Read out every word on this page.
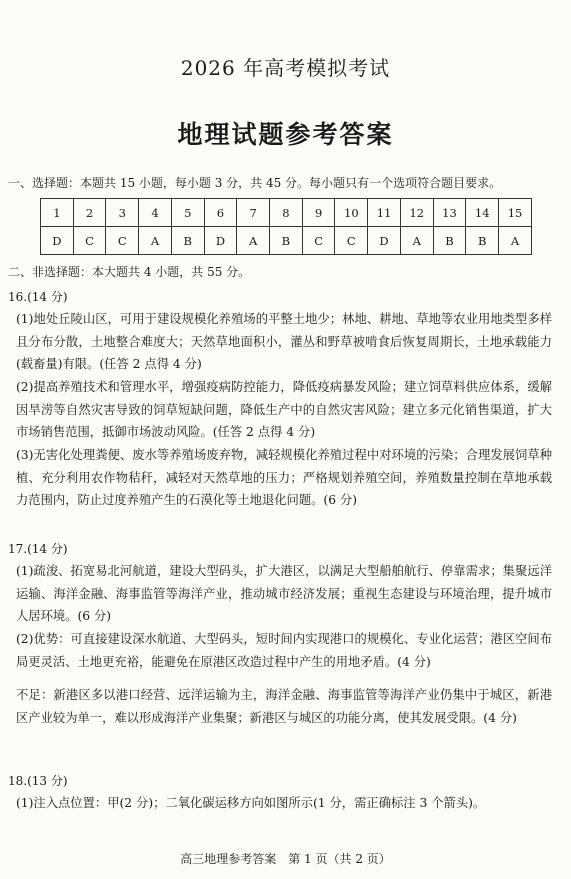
2026 年高考模拟考试
地理试题参考答案
一、选择题：本题共 15 小题，每小题 3 分，共 45 分。每小题只有一个选项符合题目要求。
1	2	3	4	5	6	7	8	9	10	11	12	13	14	15
D	C	C	A	B	D	A	B	C	C	D	A	B	B	A
二、非选择题：本大题共 4 小题，共 55 分。
16.(14 分)
(1)地处丘陵山区，可用于建设规模化养殖场的平整土地少；林地、耕地、草地等农业用地类型多样且分布分散，土地整合难度大；天然草地面积小，灌丛和野草被啃食后恢复周期长，土地承载能力(载畜量)有限。(任答 2 点得 4 分)
(2)提高养殖技术和管理水平，增强疫病防控能力，降低疫病暴发风险；建立饲草料供应体系，缓解因旱涝等自然灾害导致的饲草短缺问题，降低生产中的自然灾害风险；建立多元化销售渠道，扩大市场销售范围，抵御市场波动风险。(任答 2 点得 4 分)
(3)无害化处理粪便、废水等养殖场废弃物，减轻规模化养殖过程中对环境的污染；合理发展饲草种植、充分利用农作物秸秆，减轻对天然草地的压力；严格规划养殖空间，养殖数量控制在草地承载力范围内，防止过度养殖产生的石漠化等土地退化问题。(6 分)
17.(14 分)
(1)疏浚、拓宽易北河航道，建设大型码头，扩大港区，以满足大型船舶航行、停靠需求；集聚远洋运输、海洋金融、海事监管等海洋产业，推动城市经济发展；重视生态建设与环境治理，提升城市人居环境。(6 分)
(2)优势：可直接建设深水航道、大型码头，短时间内实现港口的规模化、专业化运营；港区空间布局更灵活、土地更充裕，能避免在原港区改造过程中产生的用地矛盾。(4 分)
不足：新港区多以港口经营、远洋运输为主，海洋金融、海事监管等海洋产业仍集中于城区，新港区产业较为单一，难以形成海洋产业集聚；新港区与城区的功能分离，使其发展受限。(4 分)
18.(13 分)
(1)注入点位置：甲(2 分)；二氧化碳运移方向如图所示(1 分，需正确标注 3 个箭头)。
高三地理参考答案　第 1 页（共 2 页）
